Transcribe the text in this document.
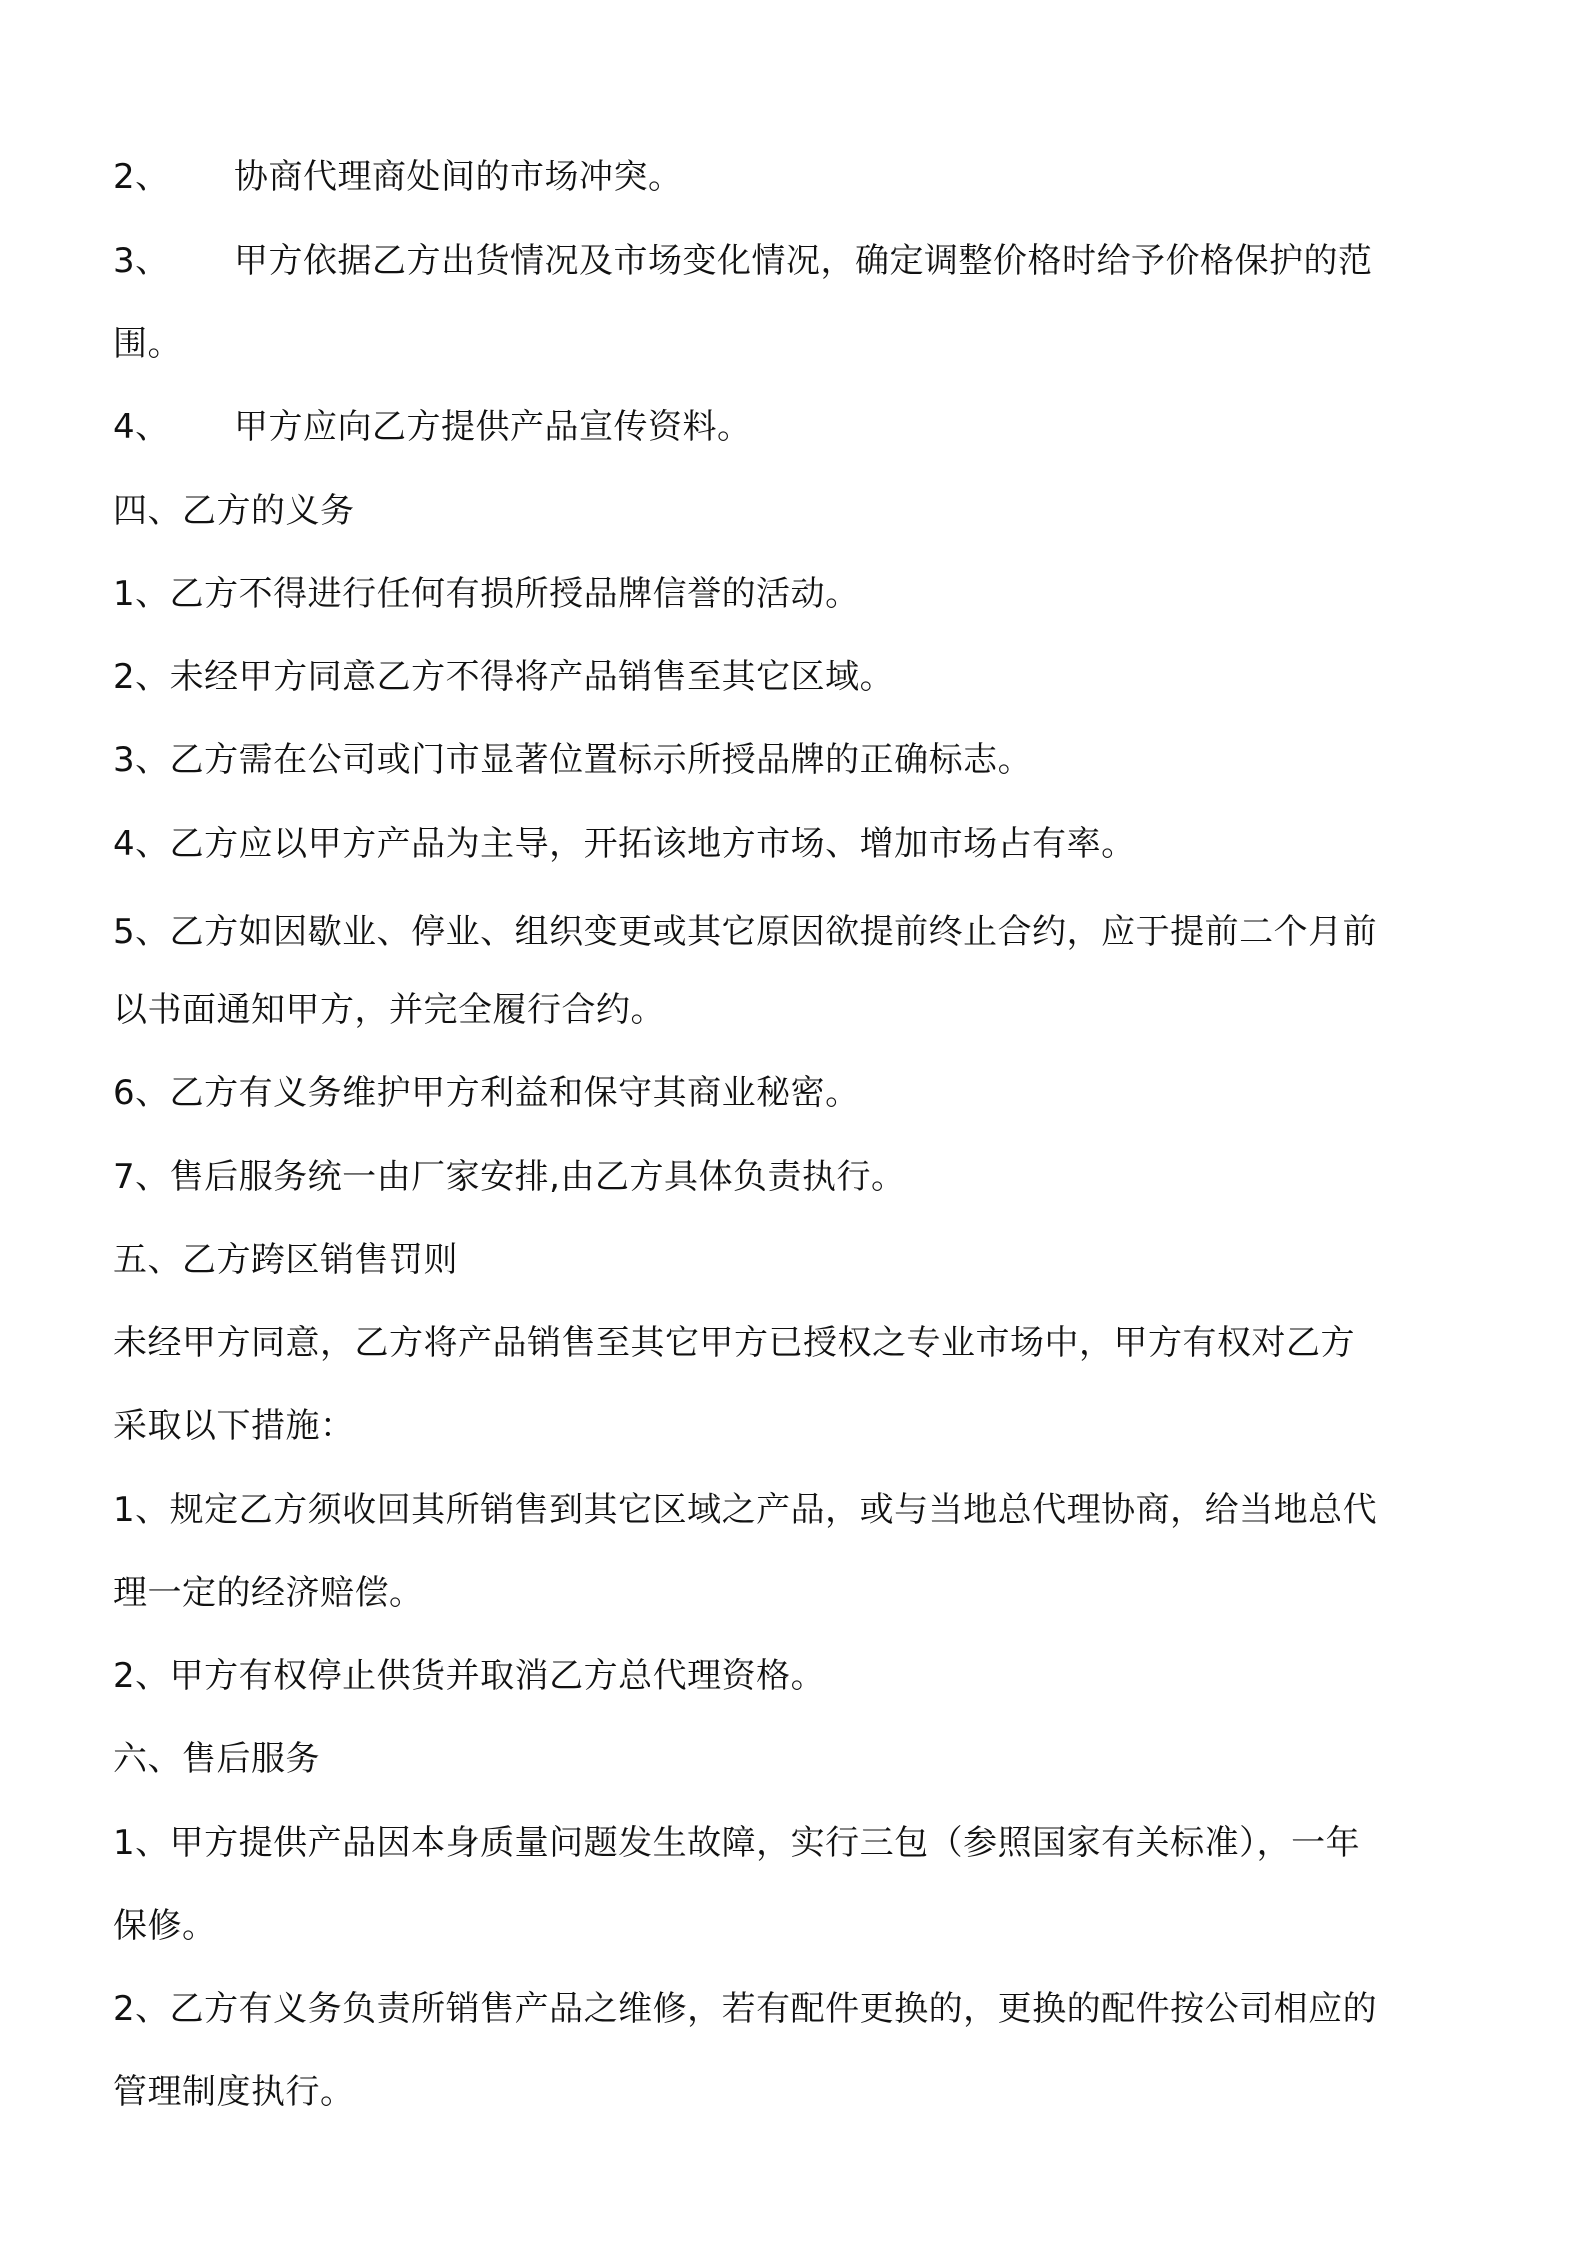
2、 协商代理商处间的市场冲突。
3、 甲方依据乙方出货情况及市场变化情况，确定调整价格时给予价格保护的范
围。
4、 甲方应向乙方提供产品宣传资料。
四、乙方的义务
1、乙方不得进行任何有损所授品牌信誉的活动。
2、未经甲方同意乙方不得将产品销售至其它区域。
3、乙方需在公司或门市显著位置标示所授品牌的正确标志。
4、乙方应以甲方产品为主导，开拓该地方市场、增加市场占有率。
5、乙方如因歇业、停业、组织变更或其它原因欲提前终止合约，应于提前二个月前
以书面通知甲方，并完全履行合约。
6、乙方有义务维护甲方利益和保守其商业秘密。
7、售后服务统一由厂家安排,由乙方具体负责执行。
五、乙方跨区销售罚则
未经甲方同意，乙方将产品销售至其它甲方已授权之专业市场中，甲方有权对乙方
采取以下措施：
1、规定乙方须收回其所销售到其它区域之产品，或与当地总代理协商，给当地总代
理一定的经济赔偿。
2、甲方有权停止供货并取消乙方总代理资格。
六、售后服务
1、甲方提供产品因本身质量问题发生故障，实行三包（参照国家有关标准），一年
保修。
2、乙方有义务负责所销售产品之维修，若有配件更换的，更换的配件按公司相应的
管理制度执行。
